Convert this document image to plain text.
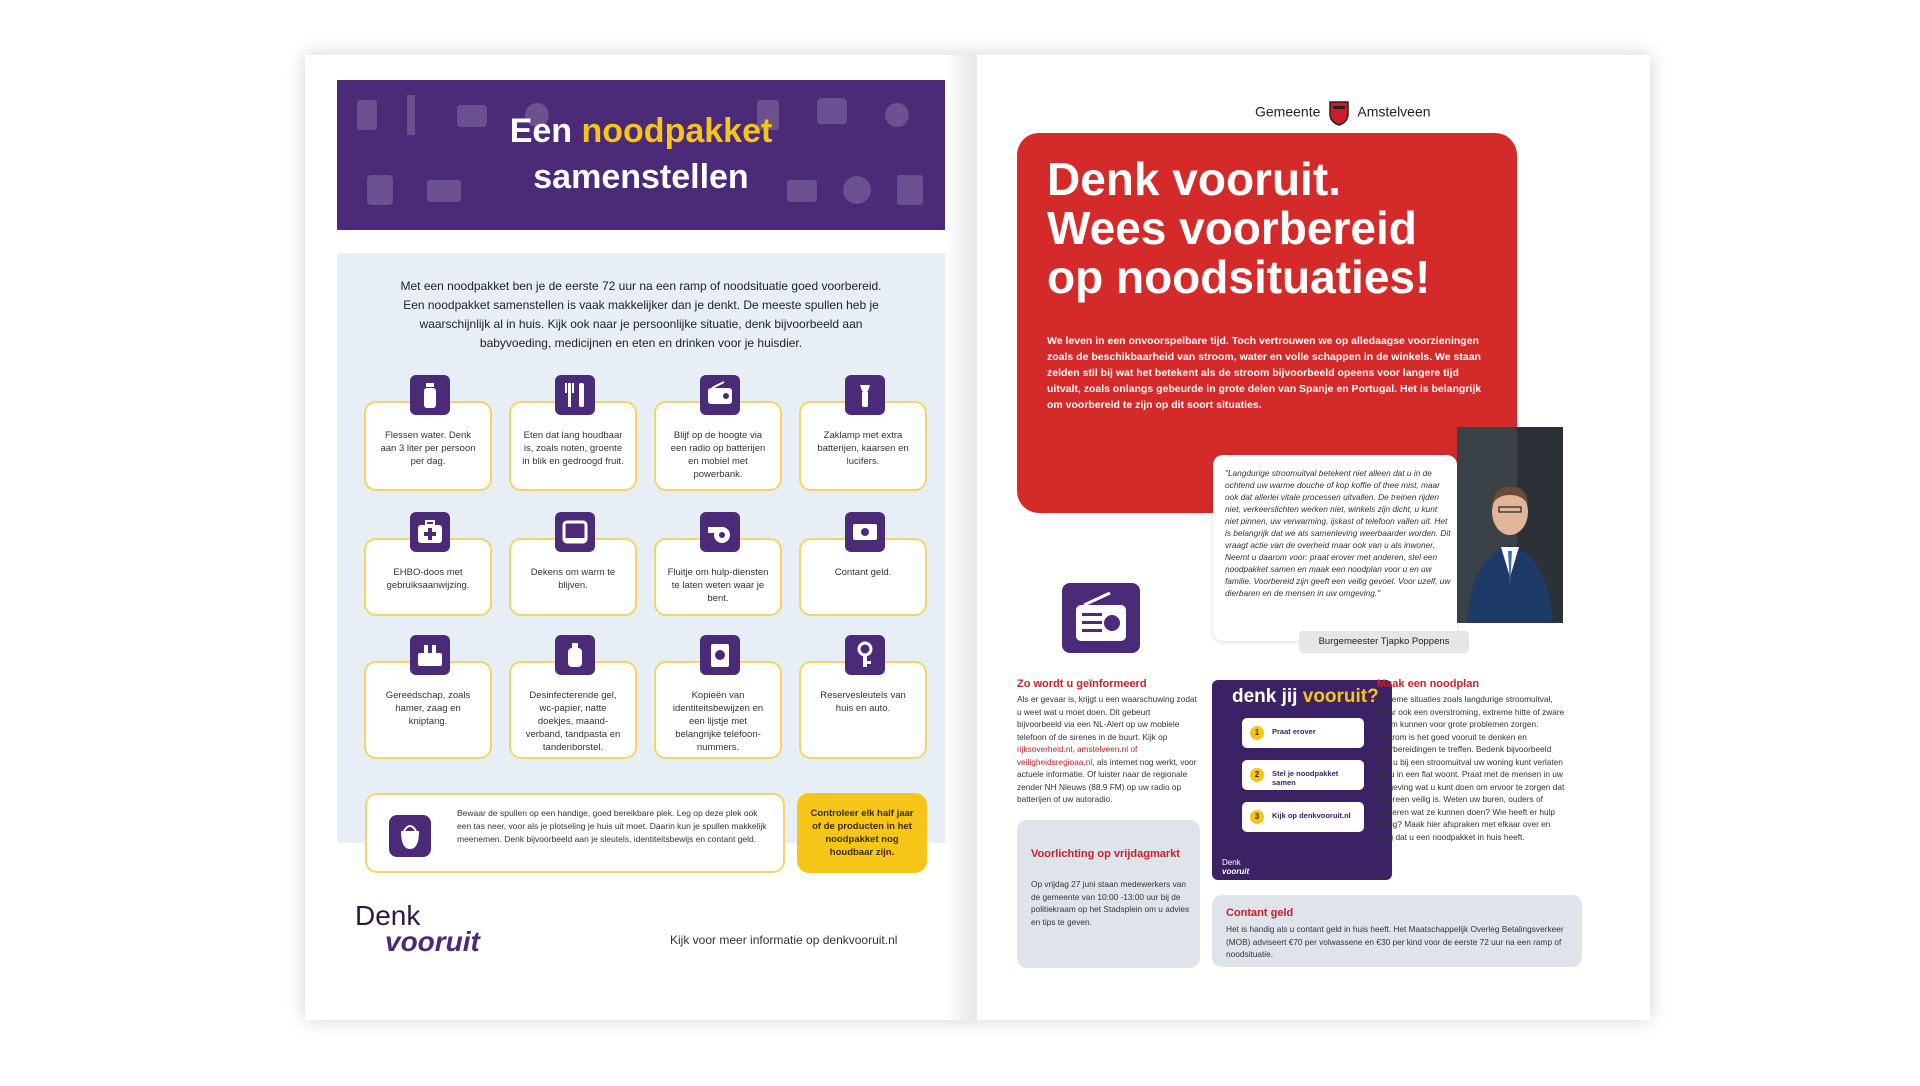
Een noodpakket
samenstellen
Met een noodpakket ben je de eerste 72 uur na een ramp of noodsituatie goed voorbereid. Een noodpakket samenstellen is vaak makkelijker dan je denkt. De meeste spullen heb je waarschijnlijk al in huis. Kijk ook naar je persoonlijke situatie, denk bijvoorbeeld aan babyvoeding, medicijnen en eten en drinken voor je huisdier.
Flessen water. Denk aan 3 liter per persoon per dag.
Eten dat lang houdbaar is, zoals noten, groente in blik en gedroogd fruit.
Blijf op de hoogte via een radio op batterijen en mobiel met powerbank.
Zaklamp met extra batterijen, kaarsen en lucifers.
EHBO-doos met gebruiksaanwijzing.
Dekens om warm te blijven.
Fluitje om hulp-diensten te laten weten waar je bent.
Contant geld.
Gereedschap, zoals hamer, zaag en kniptang.
Desinfecterende gel, wc-papier, natte doekjes, maand-verband, tandpasta en tandenborstel.
Kopieën van identiteitsbewijzen en een lijstje met belangrijke telefoon-nummers.
Reservesleutels van huis en auto.
Bewaar de spullen op een handige, goed bereikbare plek. Leg op deze plek ook een tas neer, voor als je plotseling je huis uit moet. Daarin kun je spullen makkelijk meenemen. Denk bijvoorbeeld aan je sleutels, identiteitsbewijs en contant geld.
Controleer elk half jaar of de producten in het noodpakket nog houdbaar zijn.
Denk
vooruit	Kijk voor meer informatie op denkvooruit.nl
Gemeente	Amstelveen
Denk vooruit.
Wees voorbereid
op noodsituaties!
We leven in een onvoorspelbare tijd. Toch vertrouwen we op alledaagse voorzieningen zoals de beschikbaarheid van stroom, water en volle schappen in de winkels. We staan zelden stil bij wat het betekent als de stroom bijvoorbeeld opeens voor langere tijd uitvalt, zoals onlangs gebeurde in grote delen van Spanje en Portugal. Het is belangrijk om voorbereid te zijn op dit soort situaties.
"Langdurige stroomuitval betekent niet alleen dat u in de ochtend uw warme douche of kop koffie of thee mist, maar ook dat allerlei vitale processen uitvallen. De treinen rijden niet, verkeerslichten werken niet, winkels zijn dicht, u kunt niet pinnen, uw verwarming, ijskast of telefoon vallen uit. Het is belangrijk dat we als samenleving weerbaarder worden. Dit vraagt actie van de overheid maar ook van u als inwoner. Neemt u daarom voor: praat erover met anderen, stel een noodpakket samen en maak een noodplan voor u en uw familie. Voorbereid zijn geeft een veilig gevoel. Voor uzelf, uw dierbaren en de mensen in uw omgeving."
Burgemeester Tjapko Poppens
Zo wordt u geïnformeerd
Als er gevaar is, krijgt u een waarschuwing zodat u weet wat u moet doen. Dit gebeurt bijvoorbeeld via een NL-Alert op uw mobiele telefoon of de sirenes in de buurt. Kijk op rijksoverheid.nl, amstelveen.nl of veiligheidsregioaa.nl, als internet nog werkt, voor actuele informatie. Of luister naar de regionale zender NH Nieuws (88.9 FM) op uw radio op batterijen of uw autoradio.
Voorlichting op vrijdagmarkt
Op vrijdag 27 juni staan medewerkers van de gemeente van 10:00 -13:00 uur bij de politiekraam op het Stadsplein om u advies en tips te geven.
denk jij vooruit?
1	Praat erover
2	Stel je noodpakket samen
3	Kijk op denkvooruit.nl
Denk
vooruit
Maak een noodplan
Extreme situaties zoals langdurige stroomuitval, maar ook een overstroming, extreme hitte of zware storm kunnen voor grote problemen zorgen. Daarom is het goed vooruit te denken en voorbereidingen te treffen. Bedenk bijvoorbeeld hoe u bij een stroomuitval uw woning kunt verlaten als u in een flat woont. Praat met de mensen in uw omgeving wat u kunt doen om ervoor te zorgen dat iedereen veilig is. Weten uw buren, ouders of kinderen wat ze kunnen doen? Wie heeft er hulp nodig? Maak hier afspraken met elkaar over en zorg dat u een noodpakket in huis heeft.
Contant geld
Het is handig als u contant geld in huis heeft. Het Maatschappelijk Overleg Betalingsverkeer (MOB) adviseert €70 per volwassene en €30 per kind voor de eerste 72 uur na een ramp of noodsituatie.
